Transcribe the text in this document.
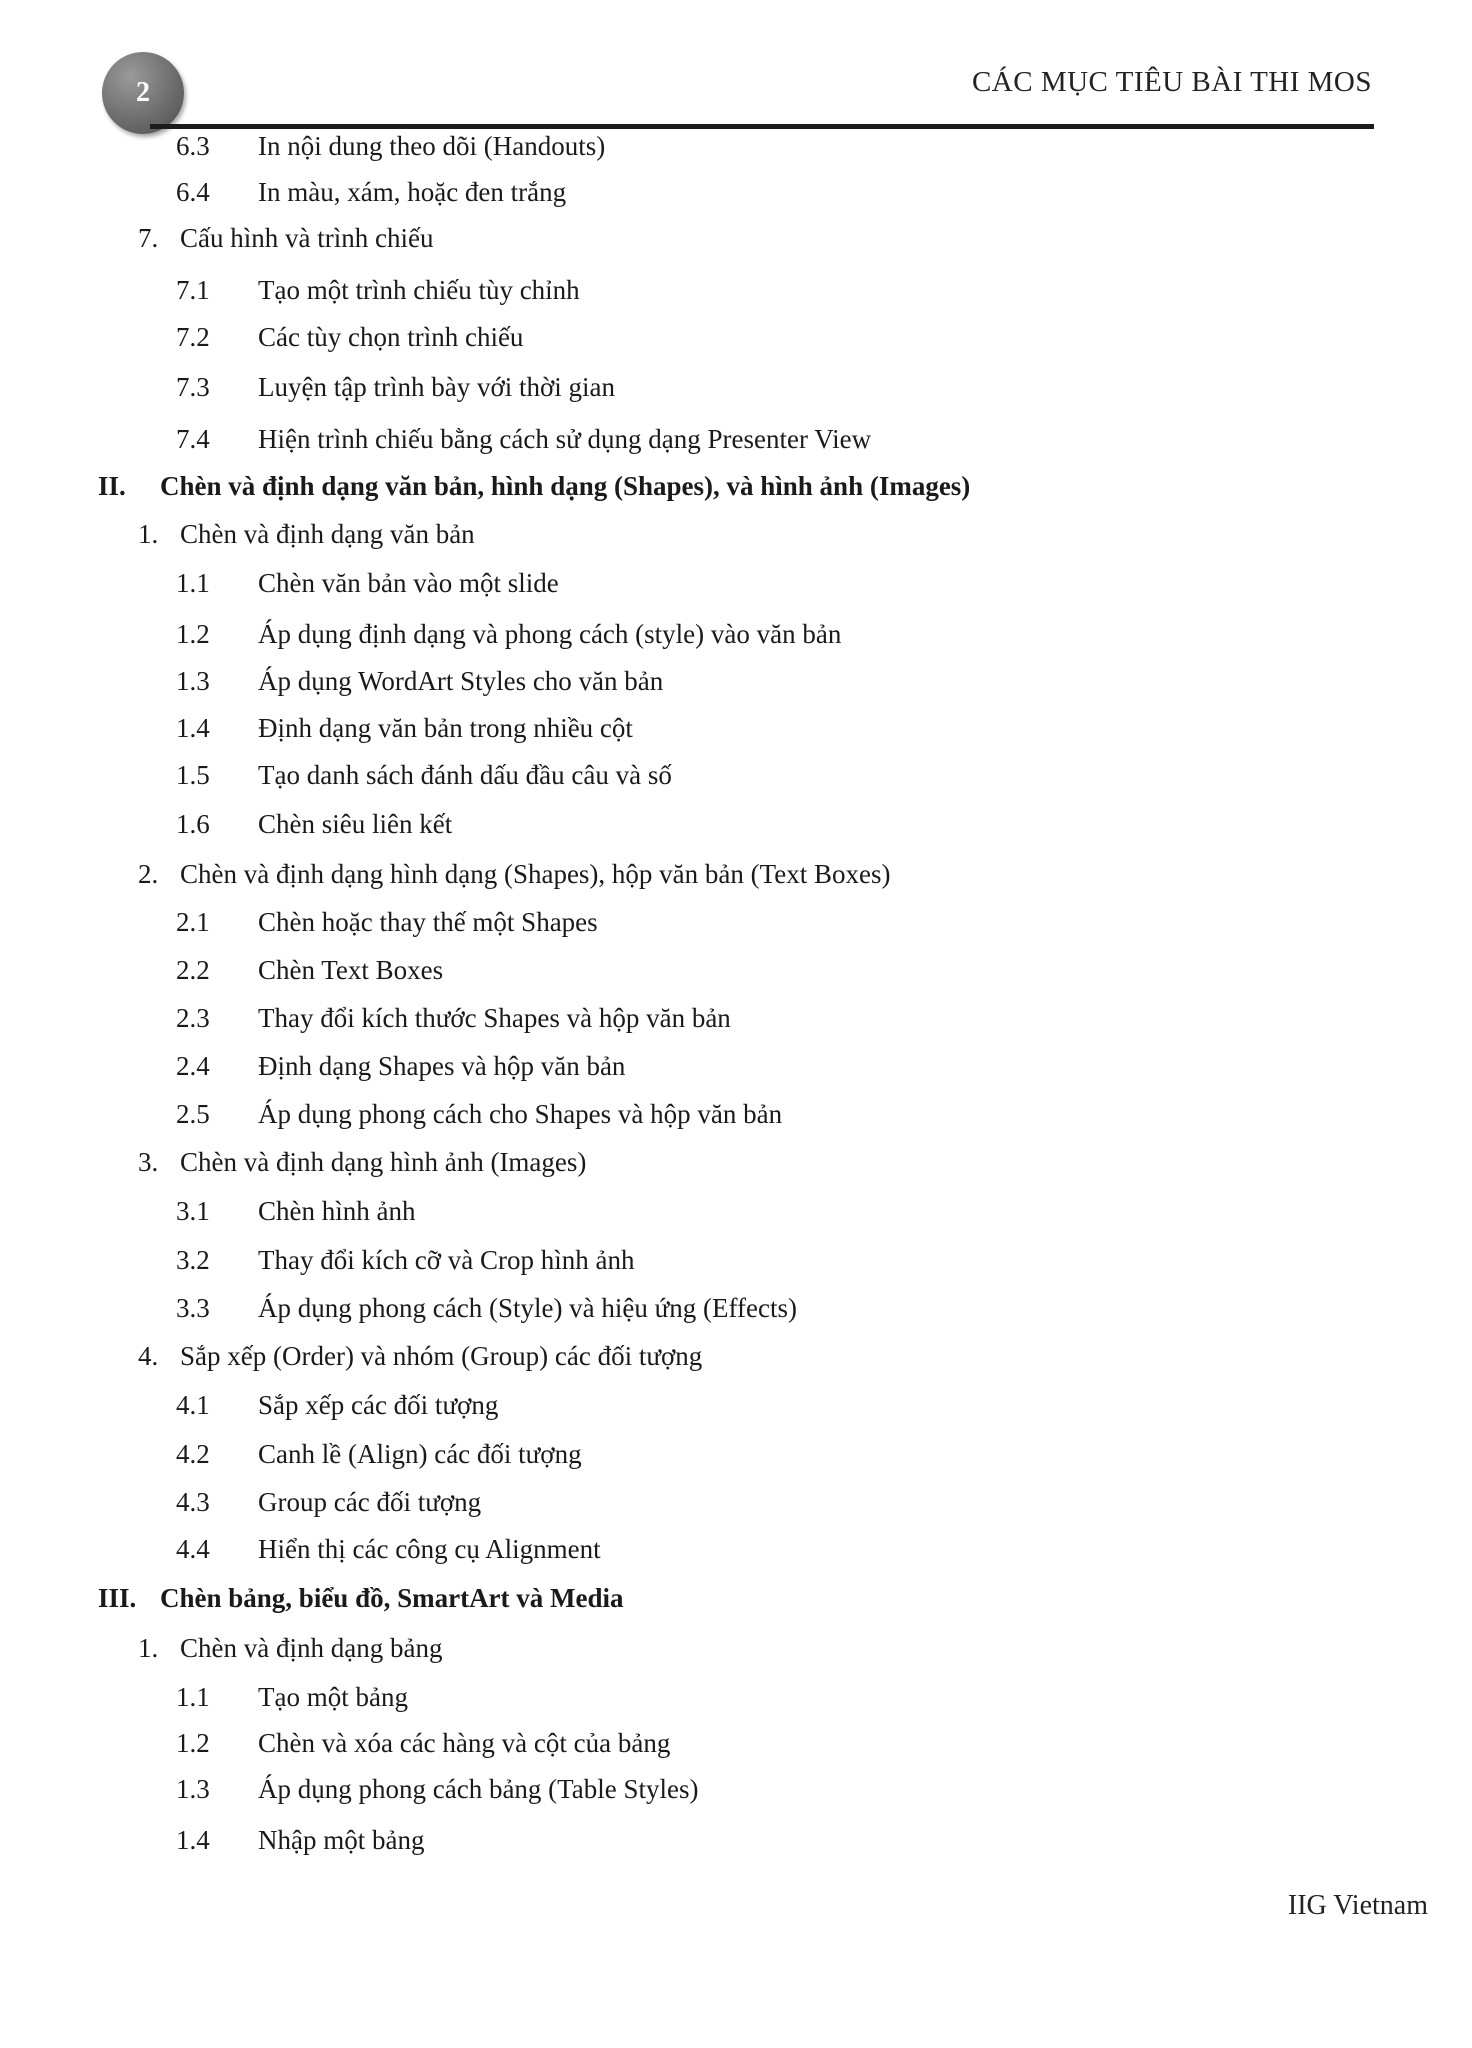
2	CÁC MỤC TIÊU BÀI THI MOS
6.3 In nội dung theo dõi (Handouts)
6.4 In màu, xám, hoặc đen trắng
7. Cấu hình và trình chiếu
7.1 Tạo một trình chiếu tùy chỉnh
7.2 Các tùy chọn trình chiếu
7.3 Luyện tập trình bày với thời gian
7.4 Hiện trình chiếu bằng cách sử dụng dạng Presenter View
II. Chèn và định dạng văn bản, hình dạng (Shapes), và hình ảnh (Images)
1. Chèn và định dạng văn bản
1.1 Chèn văn bản vào một slide
1.2 Áp dụng định dạng và phong cách (style) vào văn bản
1.3 Áp dụng WordArt Styles cho văn bản
1.4 Định dạng văn bản trong nhiều cột
1.5 Tạo danh sách đánh dấu đầu câu và số
1.6 Chèn siêu liên kết
2. Chèn và định dạng hình dạng (Shapes), hộp văn bản (Text Boxes)
2.1 Chèn hoặc thay thế một Shapes
2.2 Chèn Text Boxes
2.3 Thay đổi kích thước Shapes và hộp văn bản
2.4 Định dạng Shapes và hộp văn bản
2.5 Áp dụng phong cách cho Shapes và hộp văn bản
3. Chèn và định dạng hình ảnh (Images)
3.1 Chèn hình ảnh
3.2 Thay đổi kích cỡ và Crop hình ảnh
3.3 Áp dụng phong cách (Style) và hiệu ứng (Effects)
4. Sắp xếp (Order) và nhóm (Group) các đối tượng
4.1 Sắp xếp các đối tượng
4.2 Canh lề (Align) các đối tượng
4.3 Group các đối tượng
4.4 Hiển thị các công cụ Alignment
III. Chèn bảng, biểu đồ, SmartArt và Media
1. Chèn và định dạng bảng
1.1 Tạo một bảng
1.2 Chèn và xóa các hàng và cột của bảng
1.3 Áp dụng phong cách bảng (Table Styles)
1.4 Nhập một bảng
IIG Vietnam
